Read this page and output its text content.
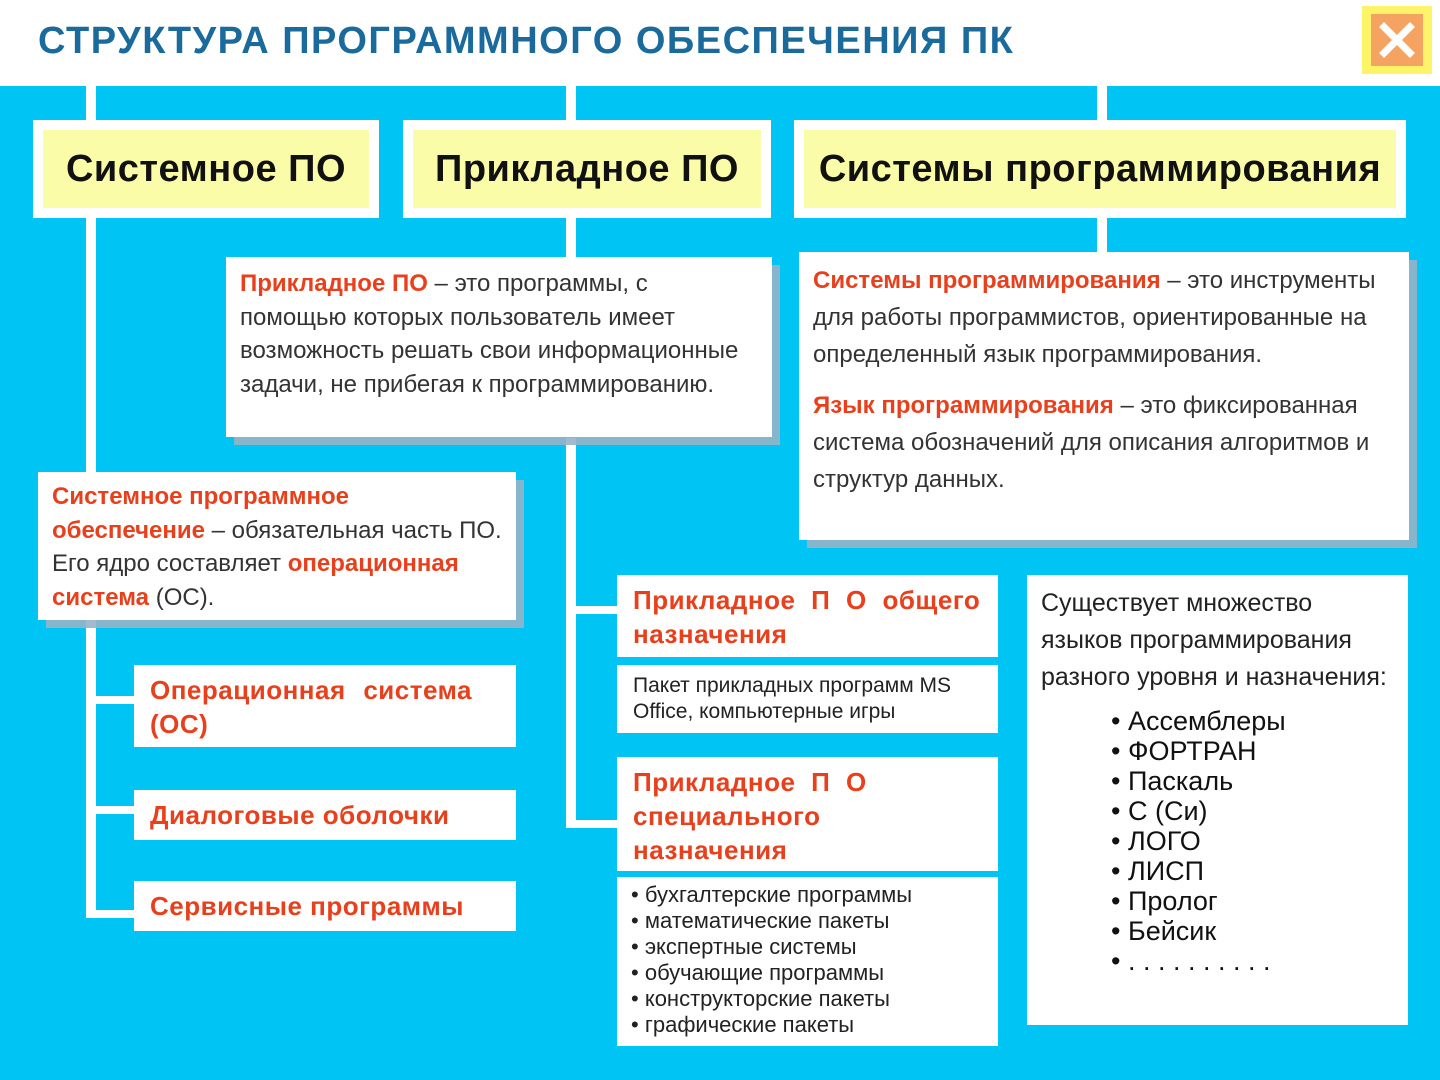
СТРУКТУРА ПРОГРАММНОГО ОБЕСПЕЧЕНИЯ ПК
Системное ПО	Прикладное ПО	Системы программирования
Прикладное ПО – это программы, с помощью которых пользователь имеет возможность решать свои информационные задачи, не прибегая к программированию.
Системы программирования – это инструменты для работы программистов, ориентированные на определенный язык программирования.
Язык программирования – это фиксированная система обозначений для описания алгоритмов и структур данных.
Системное программное обеспечение – обязательная часть ПО. Его ядро составляет операционная система (ОС).
Операционная система (ОС)
Диалоговые оболочки
Сервисные программы
Прикладное П О общего назначения
Пакет прикладных программ MS Office, компьютерные игры
Прикладное П О специального назначения
• бухгалтерские программы
• математические пакеты
• экспертные системы
• обучающие программы
• конструкторские пакеты
• графические пакеты
Существует множество языков программирования разного уровня и назначения:
• Ассемблеры
• ФОРТРАН
• Паскаль
• С (Си)
• ЛОГО
• ЛИСП
• Пролог
• Бейсик
• . . . . . . . . . .
